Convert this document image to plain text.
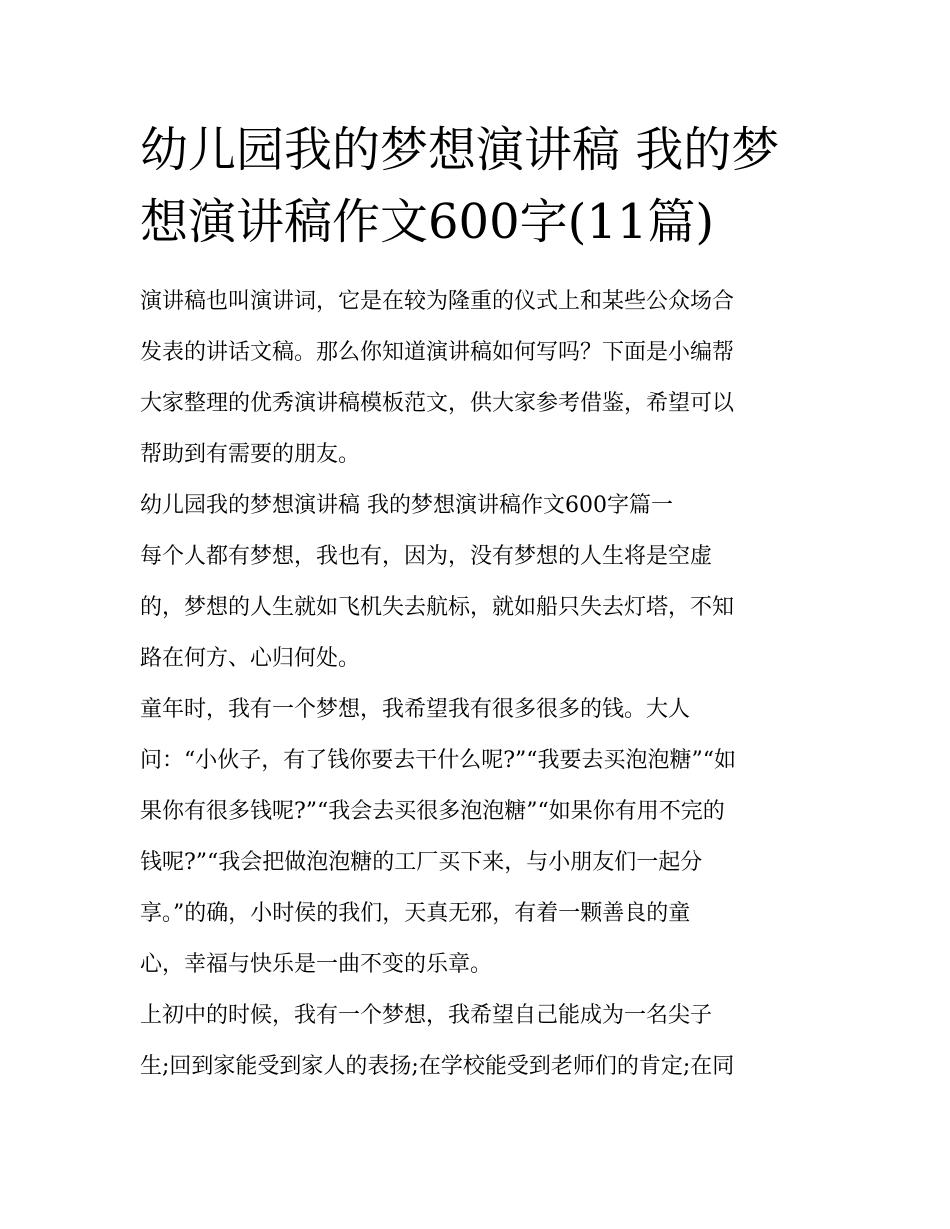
幼儿园我的梦想演讲稿 我的梦
想演讲稿作文600字(11篇)
演讲稿也叫演讲词，它是在较为隆重的仪式上和某些公众场合
发表的讲话文稿。那么你知道演讲稿如何写吗？下面是小编帮
大家整理的优秀演讲稿模板范文，供大家参考借鉴，希望可以
帮助到有需要的朋友。
幼儿园我的梦想演讲稿 我的梦想演讲稿作文600字篇一
每个人都有梦想，我也有，因为，没有梦想的人生将是空虚
的，梦想的人生就如飞机失去航标，就如船只失去灯塔，不知
路在何方、心归何处。
童年时，我有一个梦想，我希望我有很多很多的钱。大人
问：“小伙子，有了钱你要去干什么呢?”“我要去买泡泡糖”“如
果你有很多钱呢?”“我会去买很多泡泡糖”“如果你有用不完的
钱呢?”“我会把做泡泡糖的工厂买下来，与小朋友们一起分
享。”的确，小时侯的我们，天真无邪，有着一颗善良的童
心，幸福与快乐是一曲不变的乐章。
上初中的时候，我有一个梦想，我希望自己能成为一名尖子
生;回到家能受到家人的表扬;在学校能受到老师们的肯定;在同
